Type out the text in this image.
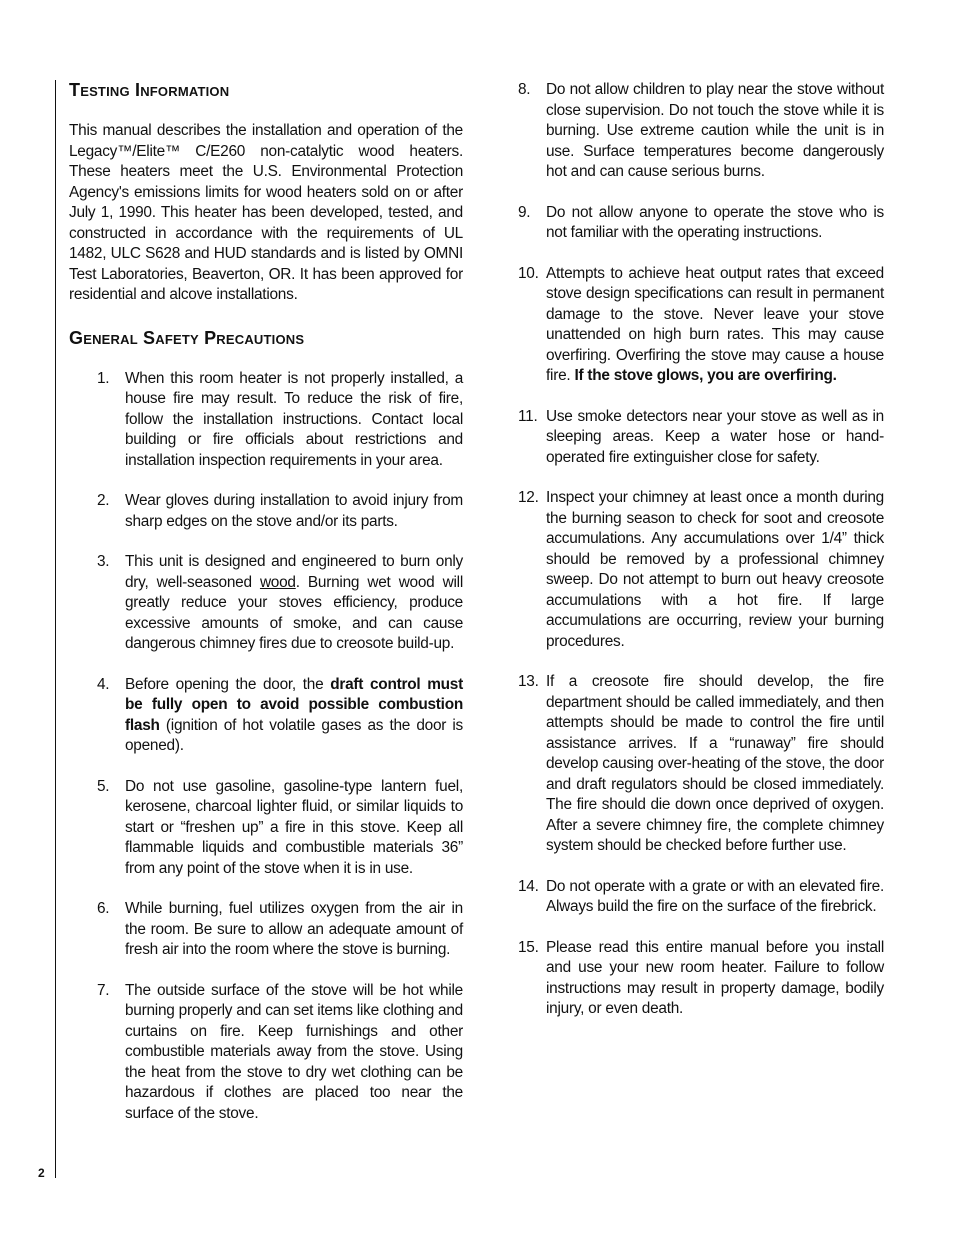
2
Testing Information

This manual describes the installation and operation of the Legacy™/Elite™ C/E260 non-catalytic wood heaters. These heaters meet the U.S. Environmental Protection Agency's emissions limits for wood heaters sold on or after July 1, 1990. This heater has been developed, tested, and constructed in accordance with the requirements of UL 1482, ULC S628 and HUD standards and is listed by OMNI Test Laboratories, Beaverton, OR. It has been approved for residential and alcove installations.

General Safety Precautions
1.	When this room heater is not properly installed, a house fire may result. To reduce the risk of fire, follow the installation instructions. Contact local building or fire officials about restrictions and installation inspection requirements in your area.
2.	Wear gloves during installation to avoid injury from sharp edges on the stove and/or its parts.
3.	This unit is designed and engineered to burn only dry, well-seasoned wood. Burning wet wood will greatly reduce your stoves efficiency, produce excessive amounts of smoke, and can cause dangerous chimney fires due to creosote build-up.
4.	Before opening the door, the draft control must be fully open to avoid possible combustion flash (ignition of hot volatile gases as the door is opened).
5.	Do not use gasoline, gasoline-type lantern fuel, kerosene, charcoal lighter fluid, or similar liquids to start or “freshen up” a fire in this stove. Keep all flammable liquids and combustible materials 36” from any point of the stove when it is in use.
6.	While burning, fuel utilizes oxygen from the air in the room. Be sure to allow an adequate amount of fresh air into the room where the stove is burning.
7.	The outside surface of the stove will be hot while burning properly and can set items like clothing and curtains on fire. Keep furnishings and other combustible materials away from the stove. Using the heat from the stove to dry wet clothing can be hazardous if clothes are placed too near the surface of the stove.
8.	Do not allow children to play near the stove without close supervision. Do not touch the stove while it is burning. Use extreme caution while the unit is in use. Surface temperatures become dangerously hot and can cause serious burns.
9.	Do not allow anyone to operate the stove who is not familiar with the operating instructions.
10. Attempts to achieve heat output rates that exceed stove design specifications can result in permanent damage to the stove. Never leave your stove unattended on high burn rates. This may cause overfiring. Overfiring the stove may cause a house fire. If the stove glows, you are overfiring.
11. Use smoke detectors near your stove as well as in sleeping areas. Keep a water hose or hand-operated fire extinguisher close for safety.
12. Inspect your chimney at least once a month during the burning season to check for soot and creosote accumulations. Any accumulations over 1/4” thick should be removed by a professional chimney sweep. Do not attempt to burn out heavy creosote accumulations with a hot fire. If large accumulations are occurring, review your burning procedures.
13. If a creosote fire should develop, the fire department should be called immediately, and then attempts should be made to control the fire until assistance arrives. If a “runaway” fire should develop causing over-heating of the stove, the door and draft regulators should be closed immediately. The fire should die down once deprived of oxygen. After a severe chimney fire, the complete chimney system should be checked before further use.
14. Do not operate with a grate or with an elevated fire. Always build the fire on the surface of the firebrick.
15. Please read this entire manual before you install and use your new room heater. Failure to follow instructions may result in property damage, bodily injury, or even death.
